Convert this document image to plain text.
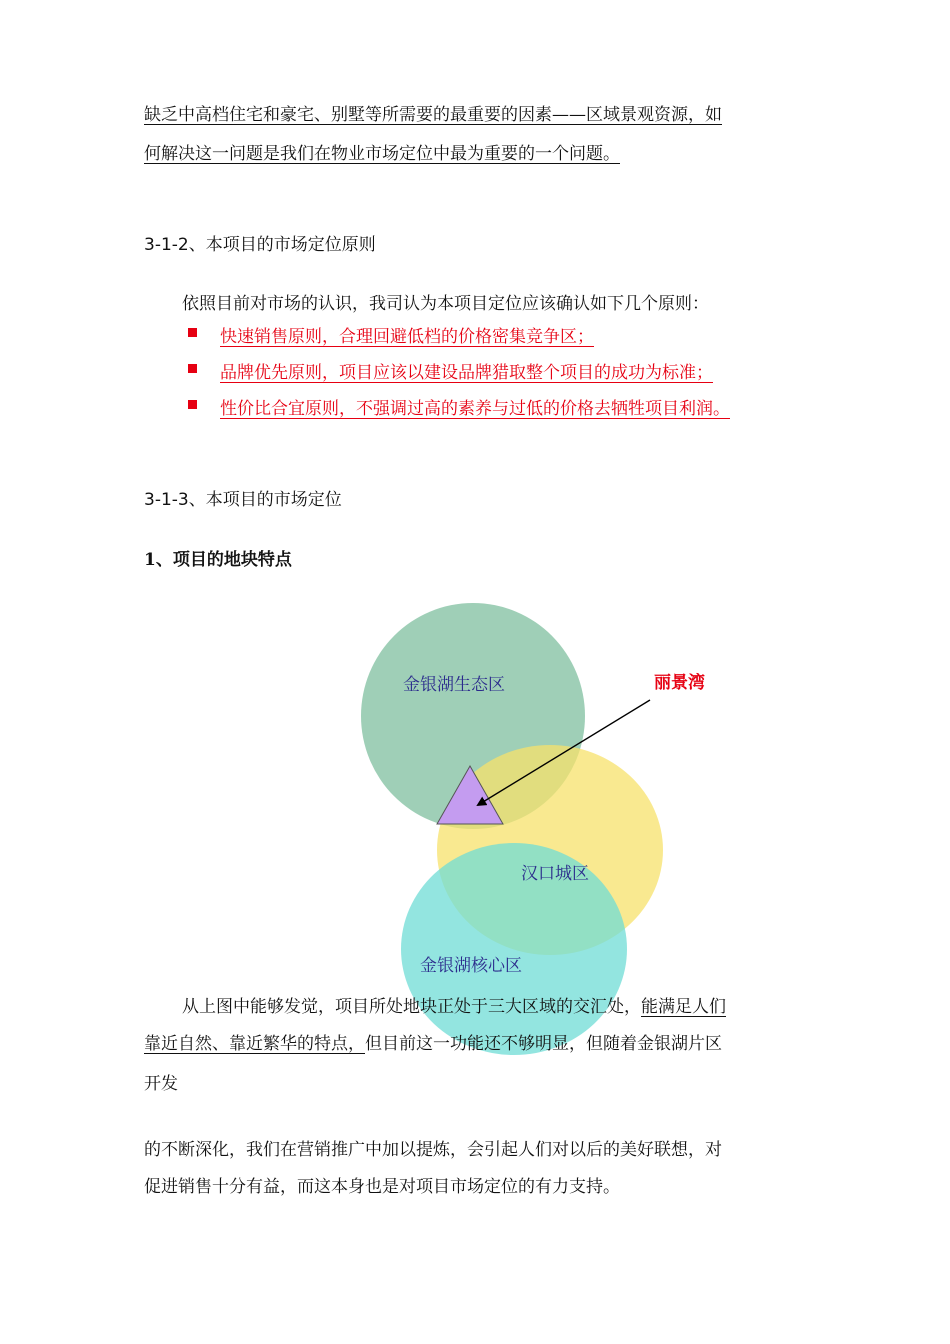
缺乏中高档住宅和豪宅、别墅等所需要的最重要的因素——区域景观资源，如
何解决这一问题是我们在物业市场定位中最为重要的一个问题。
3-1-2、本项目的市场定位原则
依照目前对市场的认识，我司认为本项目定位应该确认如下几个原则：
快速销售原则，合理回避低档的价格密集竞争区；
品牌优先原则，项目应该以建设品牌猎取整个项目的成功为标准；
性价比合宜原则，不强调过高的素养与过低的价格去牺牲项目利润。
3-1-3、本项目的市场定位
1、项目的地块特点
金银湖生态区
汉口城区
金银湖核心区
丽景湾
从上图中能够发觉，项目所处地块正处于三大区域的交汇处，能满足人们
靠近自然、靠近繁华的特点，但目前这一功能还不够明显，但随着金银湖片区
开发
的不断深化，我们在营销推广中加以提炼，会引起人们对以后的美好联想，对
促进销售十分有益，而这本身也是对项目市场定位的有力支持。
